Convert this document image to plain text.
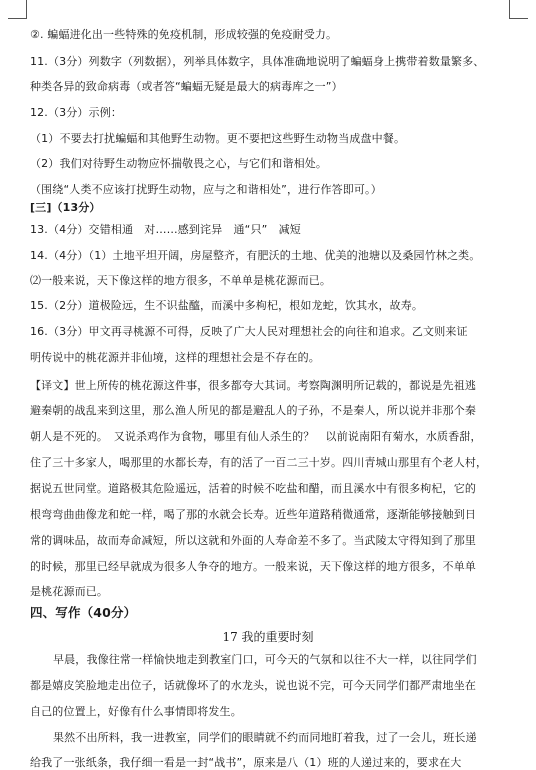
②. 蝙蝠进化出一些特殊的免疫机制，形成较强的免疫耐受力。
11.（3分）列数字（列数据），列举具体数字，具体准确地说明了蝙蝠身上携带着数量繁多、
种类各异的致命病毒（或者答“蝙蝠无疑是最大的病毒库之一”）
12.（3分）示例：
（1）不要去打扰蝙蝠和其他野生动物。更不要把这些野生动物当成盘中餐。
（2）我们对待野生动物应怀揣敬畏之心，与它们和谐相处。
（围绕“人类不应该打扰野生动物，应与之和谐相处”，进行作答即可。）
[三]（13分）
13.（4分）交错相通　对……感到诧异　通“只”　减短
14.（4分）（1）土地平坦开阔，房屋整齐，有肥沃的土地、优美的池塘以及桑园竹林之类。
⑵一般来说，天下像这样的地方很多，不单单是桃花源而已。
15.（2分）道极险远，生不识盐醯，而溪中多枸杞，根如龙蛇，饮其水，故寿。
16.（3分）甲文再寻桃源不可得，反映了广大人民对理想社会的向往和追求。乙文则来证
明传说中的桃花源并非仙境，这样的理想社会是不存在的。
【译文】世上所传的桃花源这件事，很多都夸大其词。考察陶渊明所记载的，都说是先祖逃
避秦朝的战乱来到这里，那么渔人所见的都是避乱人的子孙，不是秦人，所以说并非那个秦
朝人是不死的。　又说杀鸡作为食物，哪里有仙人杀生的？　以前说南阳有菊水，水质香甜，
住了三十多家人，喝那里的水都长寿，有的活了一百二三十岁。四川青城山那里有个老人村，
据说五世同堂。道路极其危险遥远，活着的时候不吃盐和醋，而且溪水中有很多枸杞，它的
根弯弯曲曲像龙和蛇一样，喝了那的水就会长寿。近些年道路稍微通常，逐渐能够接触到日
常的调味品，故而寿命减短，所以这就和外面的人寿命差不多了。当武陵太守得知到了那里
的时候，那里已经早就成为很多人争夺的地方。一般来说，天下像这样的地方很多，不单单
是桃花源而已。
四、写作（40分）
17 我的重要时刻
早晨，我像往常一样愉快地走到教室门口，可今天的气氛和以往不大一样，以往同学们
都是嬉皮笑脸地走出位子，话就像坏了的水龙头，说也说不完，可今天同学们都严肃地坐在
自己的位置上，好像有什么事情即将发生。
果然不出所料，我一进教室，同学们的眼睛就不约而同地盯着我，过了一会儿，班长递
给我了一张纸条，我仔细一看是一封“战书”，原来是八（1）班的人递过来的，要求在大
